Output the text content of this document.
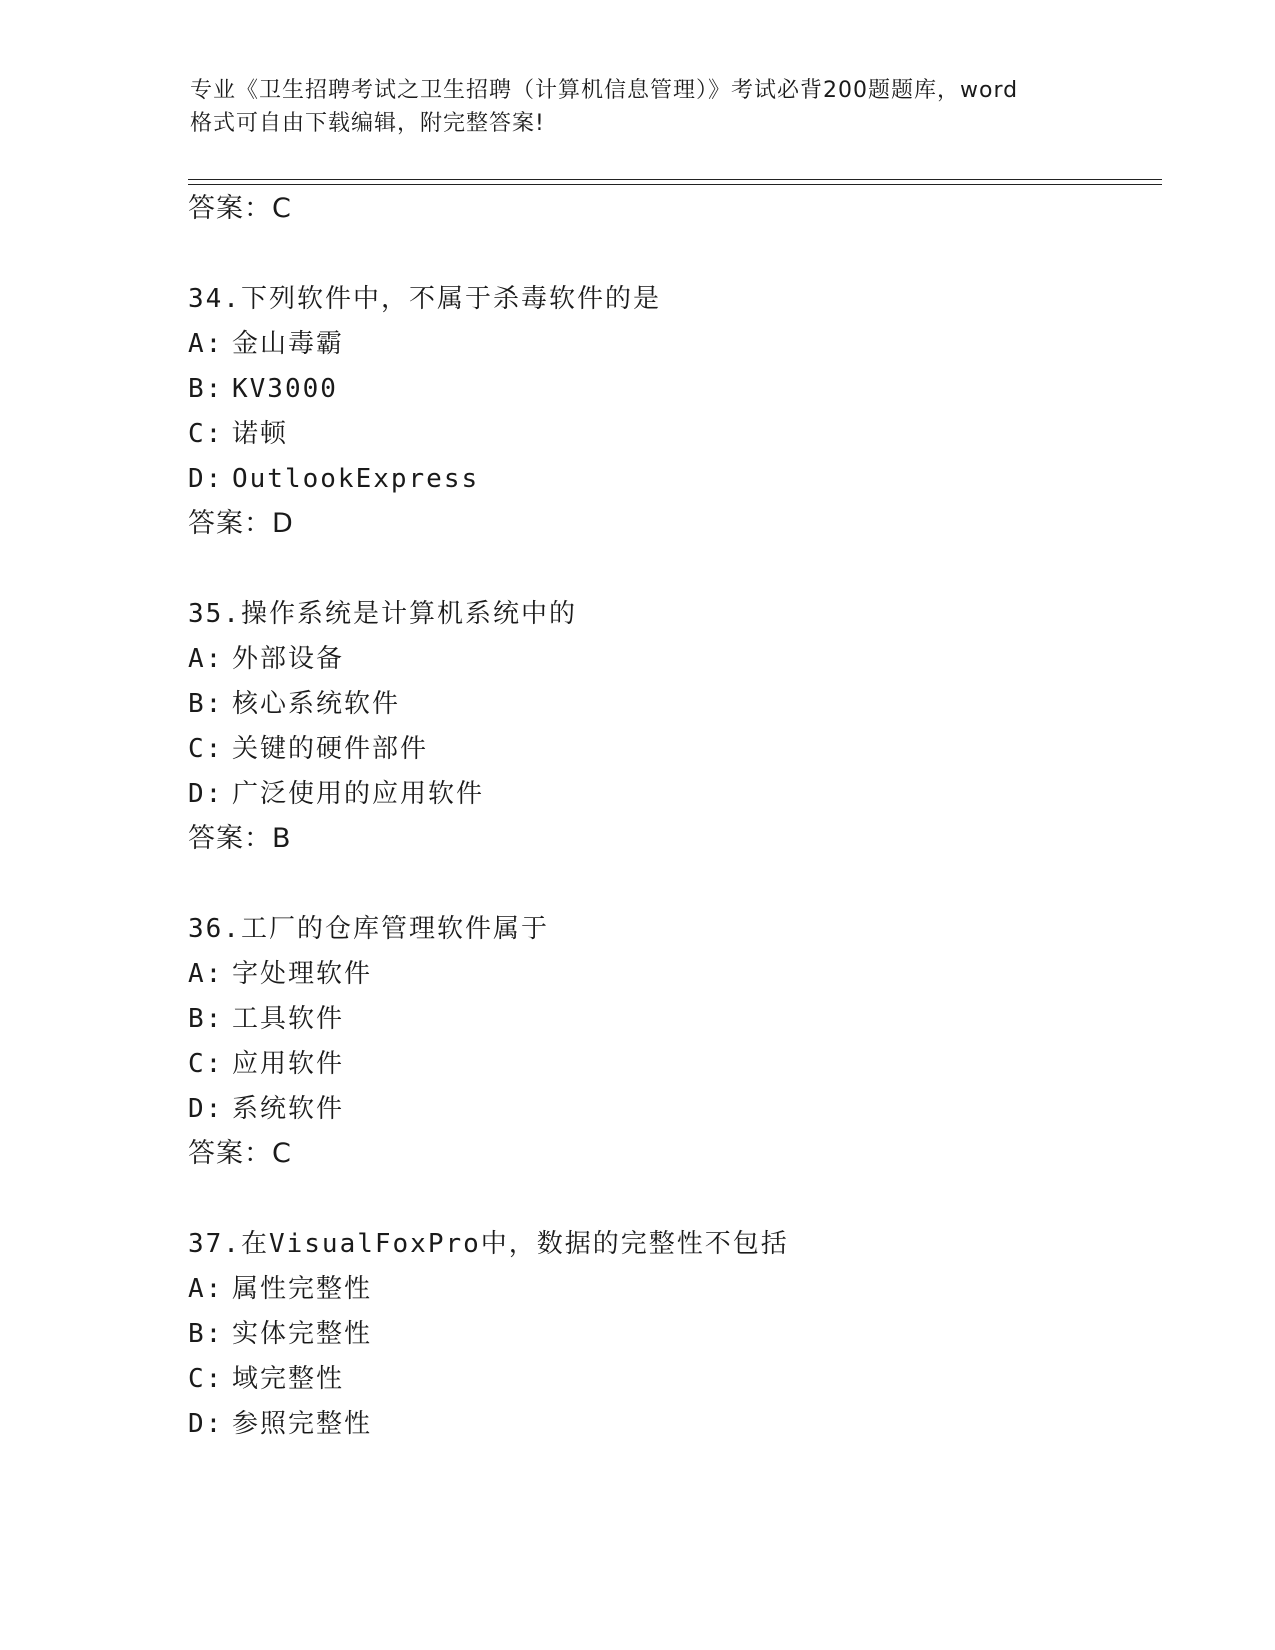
专业《卫生招聘考试之卫生招聘（计算机信息管理）》考试必背200题题库，word
格式可自由下载编辑，附完整答案!
答案：C
34.下列软件中，不属于杀毒软件的是
A: 金山毒霸
B: KV3000
C: 诺顿
D: OutlookExpress
答案：D
35.操作系统是计算机系统中的
A: 外部设备
B: 核心系统软件
C: 关键的硬件部件
D: 广泛使用的应用软件
答案：B
36.工厂的仓库管理软件属于
A: 字处理软件
B: 工具软件
C: 应用软件
D: 系统软件
答案：C
37.在VisualFoxPro中，数据的完整性不包括
A: 属性完整性
B: 实体完整性
C: 域完整性
D: 参照完整性
